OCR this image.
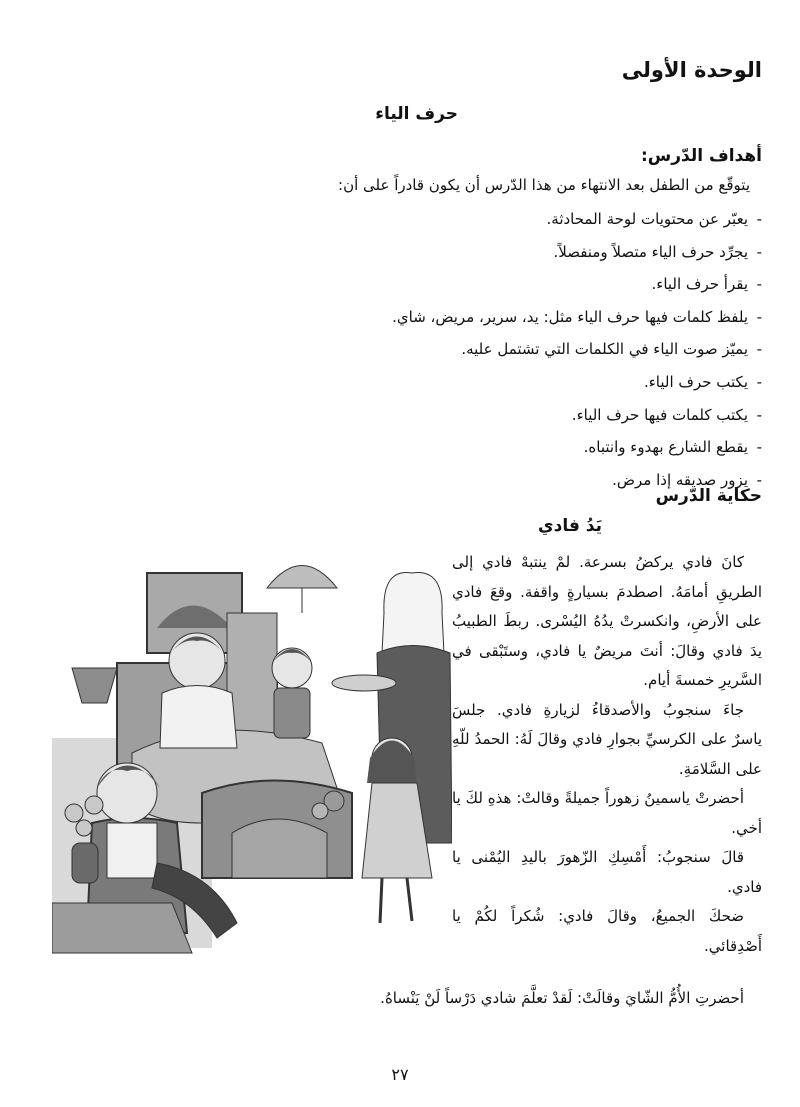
الوحدة الأولى
حرف الياء
أهداف الدّرس:

يتوقّع من الطفل بعد الانتهاء من هذا الدّرس أن يكون قادراً على أن:

-يعبّر عن محتويات لوحة المحادثة.
-يجرِّد حرف الياء متصلاً ومنفصلاً.
-يقرأ حرف الياء.
-يلفظ كلمات فيها حرف الياء مثل: يد، سرير، مريض، شاي.
-يميّز صوت الياء في الكلمات التي تشتمل عليه.
-يكتب حرف الياء.
-يكتب كلمات فيها حرف الياء.
-يقطع الشارع بهدوء وانتباه.
-يزور صديقه إذا مرض.
حكاية الدّرس
يَدُ فادي

كانَ فادي يركضُ بسرعة. لمْ ينتبهْ فادي إلى الطريقِ أمامَهُ. اصطدمَ بسيارةٍ واقفة. وقعَ فادي على الأرضِ، وانكسرتْ يدُهُ اليُسْرى. ربطَ الطبيبُ يدَ فادي وقالَ: أنتَ مريضٌ يا فادي، وستَبْقى في السَّريرِ خمسةَ أيام.

جاءَ سنجوبُ والأصدقاءُ لزيارةِ فادي. جلسَ ياسرٌ على الكرسيِّ بجوارِ فادي وقالَ لَهُ: الحمدُ للّهِ على السَّلامَةِ.

أحضرتْ ياسمينُ زهوراً جميلةً وقالتْ: هذهِ لكَ يا أخي.

قالَ سنجوبُ: أَمْسِكِ الزّهورَ باليدِ اليُمْنى يا فادي.

ضحكَ الجميعُ، وقالَ فادي: شُكراً لكُمْ يا أَصْدِقائي.

أحضرتِ الأُمُّ الشّايَ وقالَتْ: لَقدْ تعلَّمَ شادي دَرْساً لَنْ يَنْساهُ.

٢٧
